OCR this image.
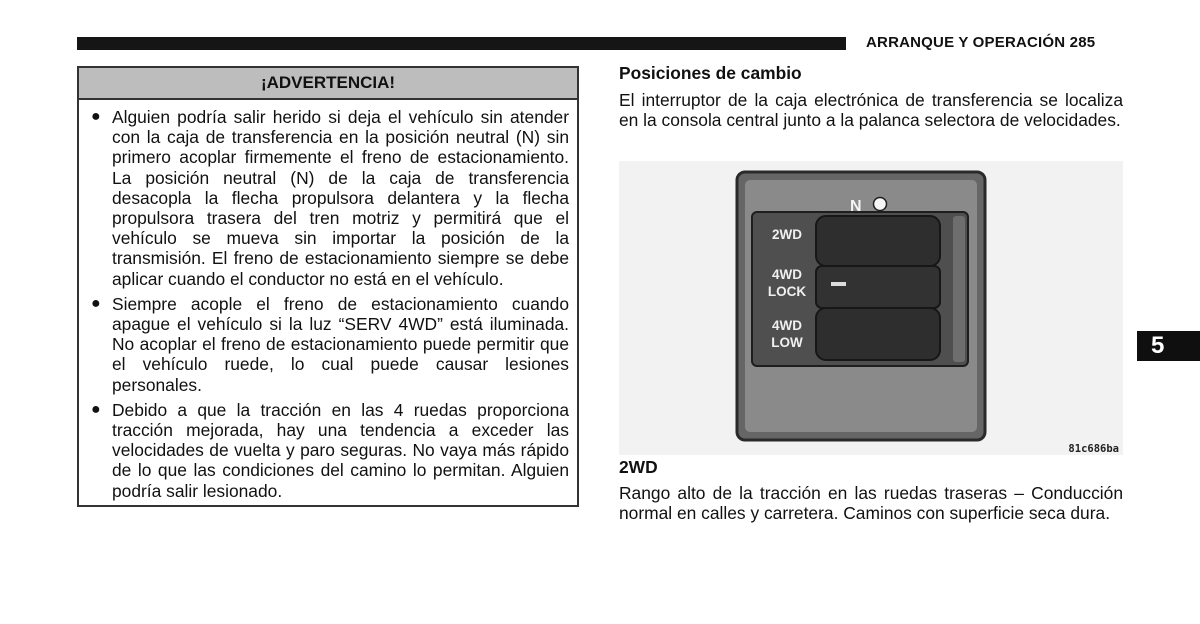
ARRANQUE Y OPERACIÓN 285
¡ADVERTENCIA!
● Alguien podría salir herido si deja el vehículo sin atender con la caja de transferencia en la posición neutral (N) sin primero acoplar firmemente el freno de estacionamiento. La posición neutral (N) de la caja de transferencia desacopla la flecha propulsora delantera y la flecha propulsora trasera del tren motriz y permitirá que el vehículo se mueva sin importar la posición de la transmisión. El freno de estacionamiento siempre se debe aplicar cuando el conductor no está en el vehículo.
● Siempre acople el freno de estacionamiento cuando apague el vehículo si la luz “SERV 4WD” está iluminada. No acoplar el freno de estacionamiento puede permitir que el vehículo ruede, lo cual puede causar lesiones personales.
● Debido a que la tracción en las 4 ruedas proporciona tracción mejorada, hay una tendencia a exceder las velocidades de vuelta y paro seguras. No vaya más rápido de lo que las condiciones del camino lo permitan. Alguien podría salir lesionado.
Posiciones de cambio
El interruptor de la caja electrónica de transferencia se localiza en la consola central junto a la palanca selectora de velocidades.
N
2WD
4WD
LOCK
4WD
LOW
81c686ba
2WD
Rango alto de la tracción en las ruedas traseras – Conducción normal en calles y carretera. Caminos con superficie seca dura.
5
